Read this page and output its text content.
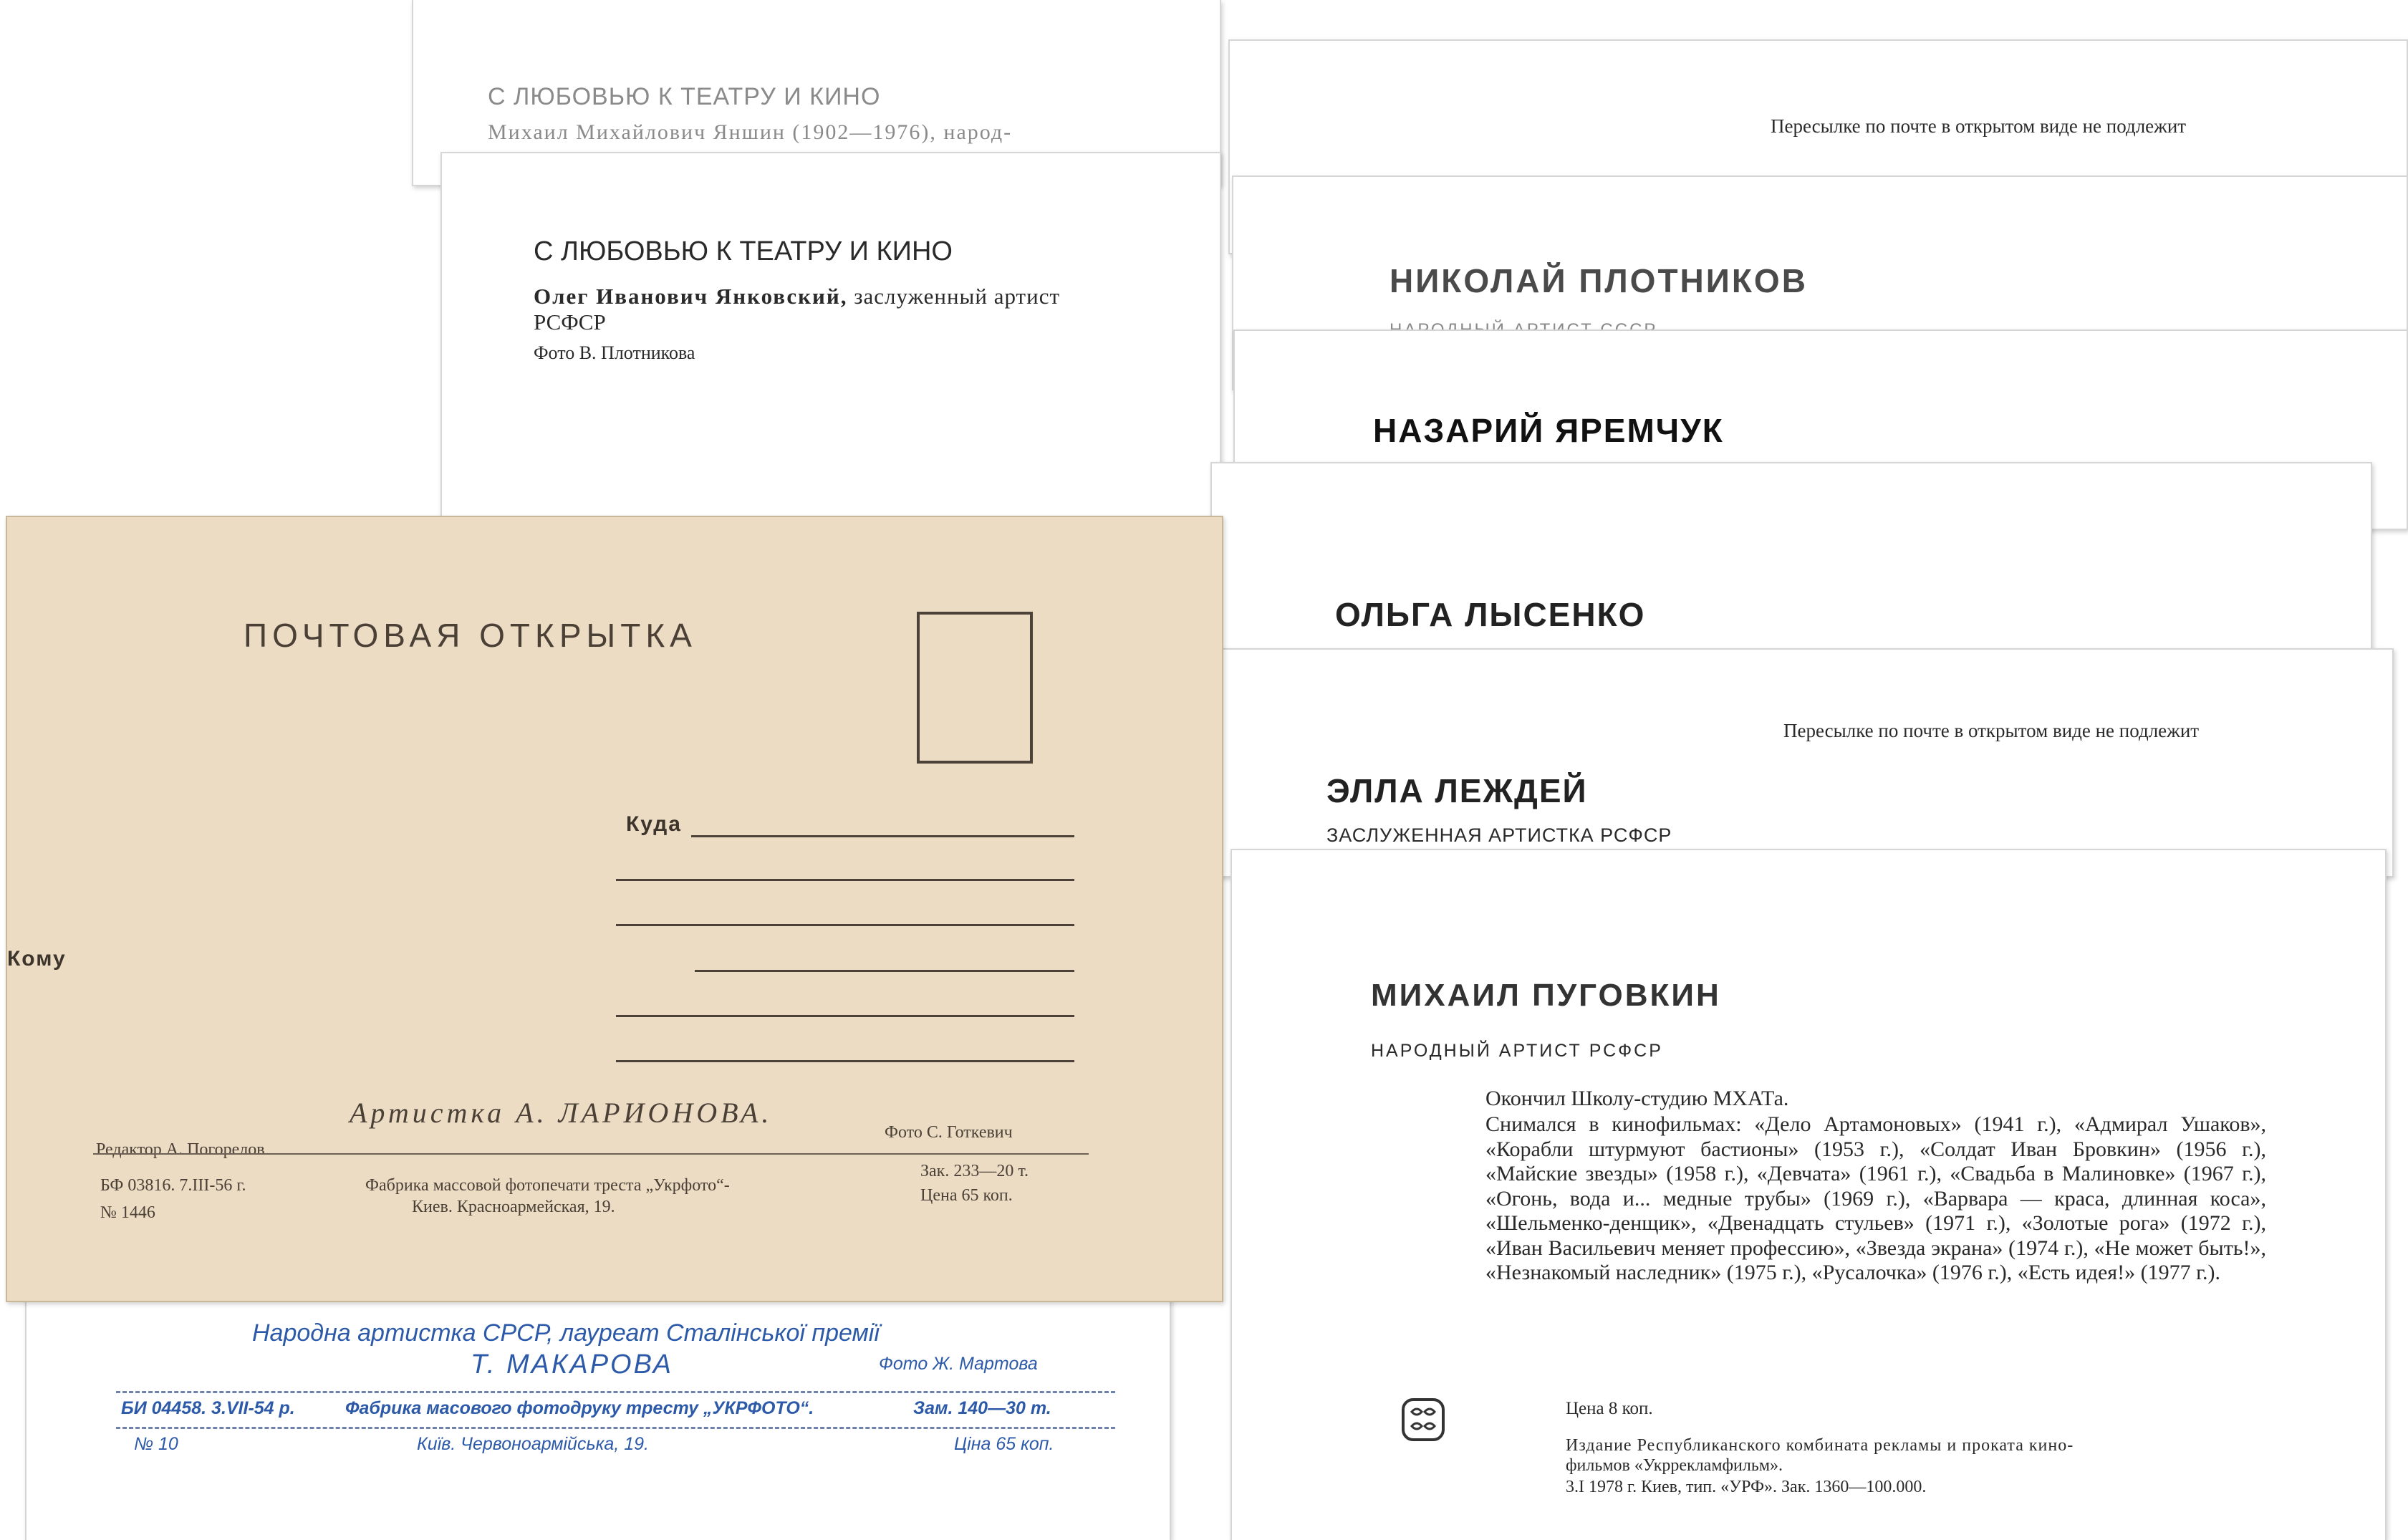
С ЛЮБОВЬЮ К ТЕАТРУ И КИНО
Михаил Михайлович Яншин (1902—1976), народ-
С ЛЮБОВЬЮ К ТЕАТРУ И КИНО
Олег Иванович Янковский, заслуженный артист
РСФСР
Фото В. Плотникова
Пересылке по почте в открытом виде не подлежит
НИКОЛАЙ ПЛОТНИКОВ
НАЗАРИЙ ЯРЕМЧУК
ОЛЬГА ЛЫСЕНКО
Пересылке по почте в открытом виде не подлежит
ЭЛЛА ЛЕЖДЕЙ
ЗАСЛУЖЕННАЯ АРТИСТКА РСФСР
МИХАИЛ ПУГОВКИН
НАРОДНЫЙ АРТИСТ РСФСР
Окончил Школу-студию МХАТа.
Снимался в кинофильмах: «Дело Артамоновых» (1941 г.), «Адмирал Ушаков», «Корабли штурмуют бастионы» (1953 г.), «Солдат Иван Бровкин» (1956 г.), «Майские звезды» (1958 г.), «Девчата» (1961 г.), «Свадьба в Малиновке» (1967 г.), «Огонь, вода и... медные трубы» (1969 г.), «Варвара — краса, длинная коса», «Шельменко-денщик», «Двенадцать стульев» (1971 г.), «Золотые рога» (1972 г.), «Иван Васильевич меняет профессию», «Звезда экрана» (1974 г.), «Не может быть!», «Незнакомый наследник» (1975 г.), «Русалочка» (1976 г.), «Есть идея!» (1977 г.).
Цена 8 коп.
Издание Республиканского комбината рекламы и проката кино-
фильмов «Укррекламфильм».
3.I 1978 г. Киев, тип. «УРФ». Зак. 1360—100.000.
Народна артистка СРСР, лауреат Сталінської премії
Т. МАКАРОВА	Фото Ж. Мартова
БИ 04458. 3.VII-54 р.	Фабрика масового фотодруку тресту „УКРФОТО“.	Зам. 140—30 т.
№ 10	Київ. Червоноармійська, 19.	Ціна 65 коп.
ПОЧТОВАЯ ОТКРЫТКА
Куда
Кому
Артистка А. ЛАРИОНОВА.
Редактор А. Погорелов
Фото С. Готкевич
БФ 03816. 7.III-56 г.
№ 1446
Фабрика массовой фотопечати треста „Укрфото“-
Киев. Красноармейская, 19.
Зак. 233—20 т.
Цена 65 коп.
